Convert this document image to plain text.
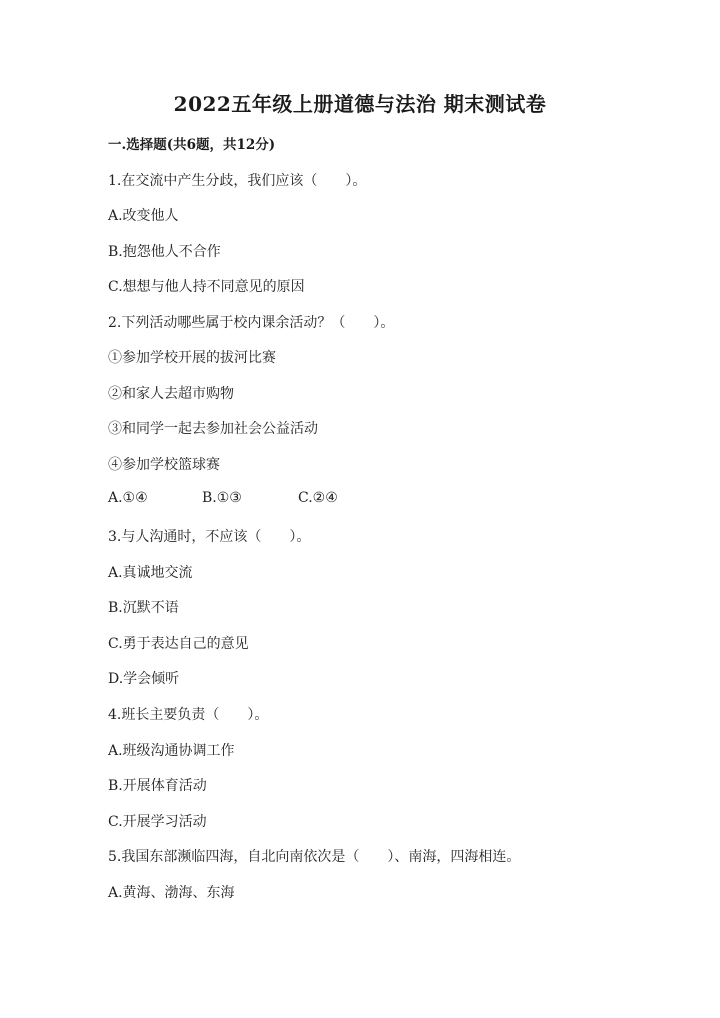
2022五年级上册道德与法治 期末测试卷
一.选择题(共6题，共12分)
1.在交流中产生分歧，我们应该（　　）。
A.改变他人
B.抱怨他人不合作
C.想想与他人持不同意见的原因
2.下列活动哪些属于校内课余活动？（　　）。
①参加学校开展的拔河比赛
②和家人去超市购物
③和同学一起去参加社会公益活动
④参加学校篮球赛
A.①④	B.①③	C.②④
3.与人沟通时，不应该（　　）。
A.真诚地交流
B.沉默不语
C.勇于表达自己的意见
D.学会倾听
4.班长主要负责（　　）。
A.班级沟通协调工作
B.开展体育活动
C.开展学习活动
5.我国东部濒临四海，自北向南依次是（　　）、南海，四海相连。
A.黄海、渤海、东海
